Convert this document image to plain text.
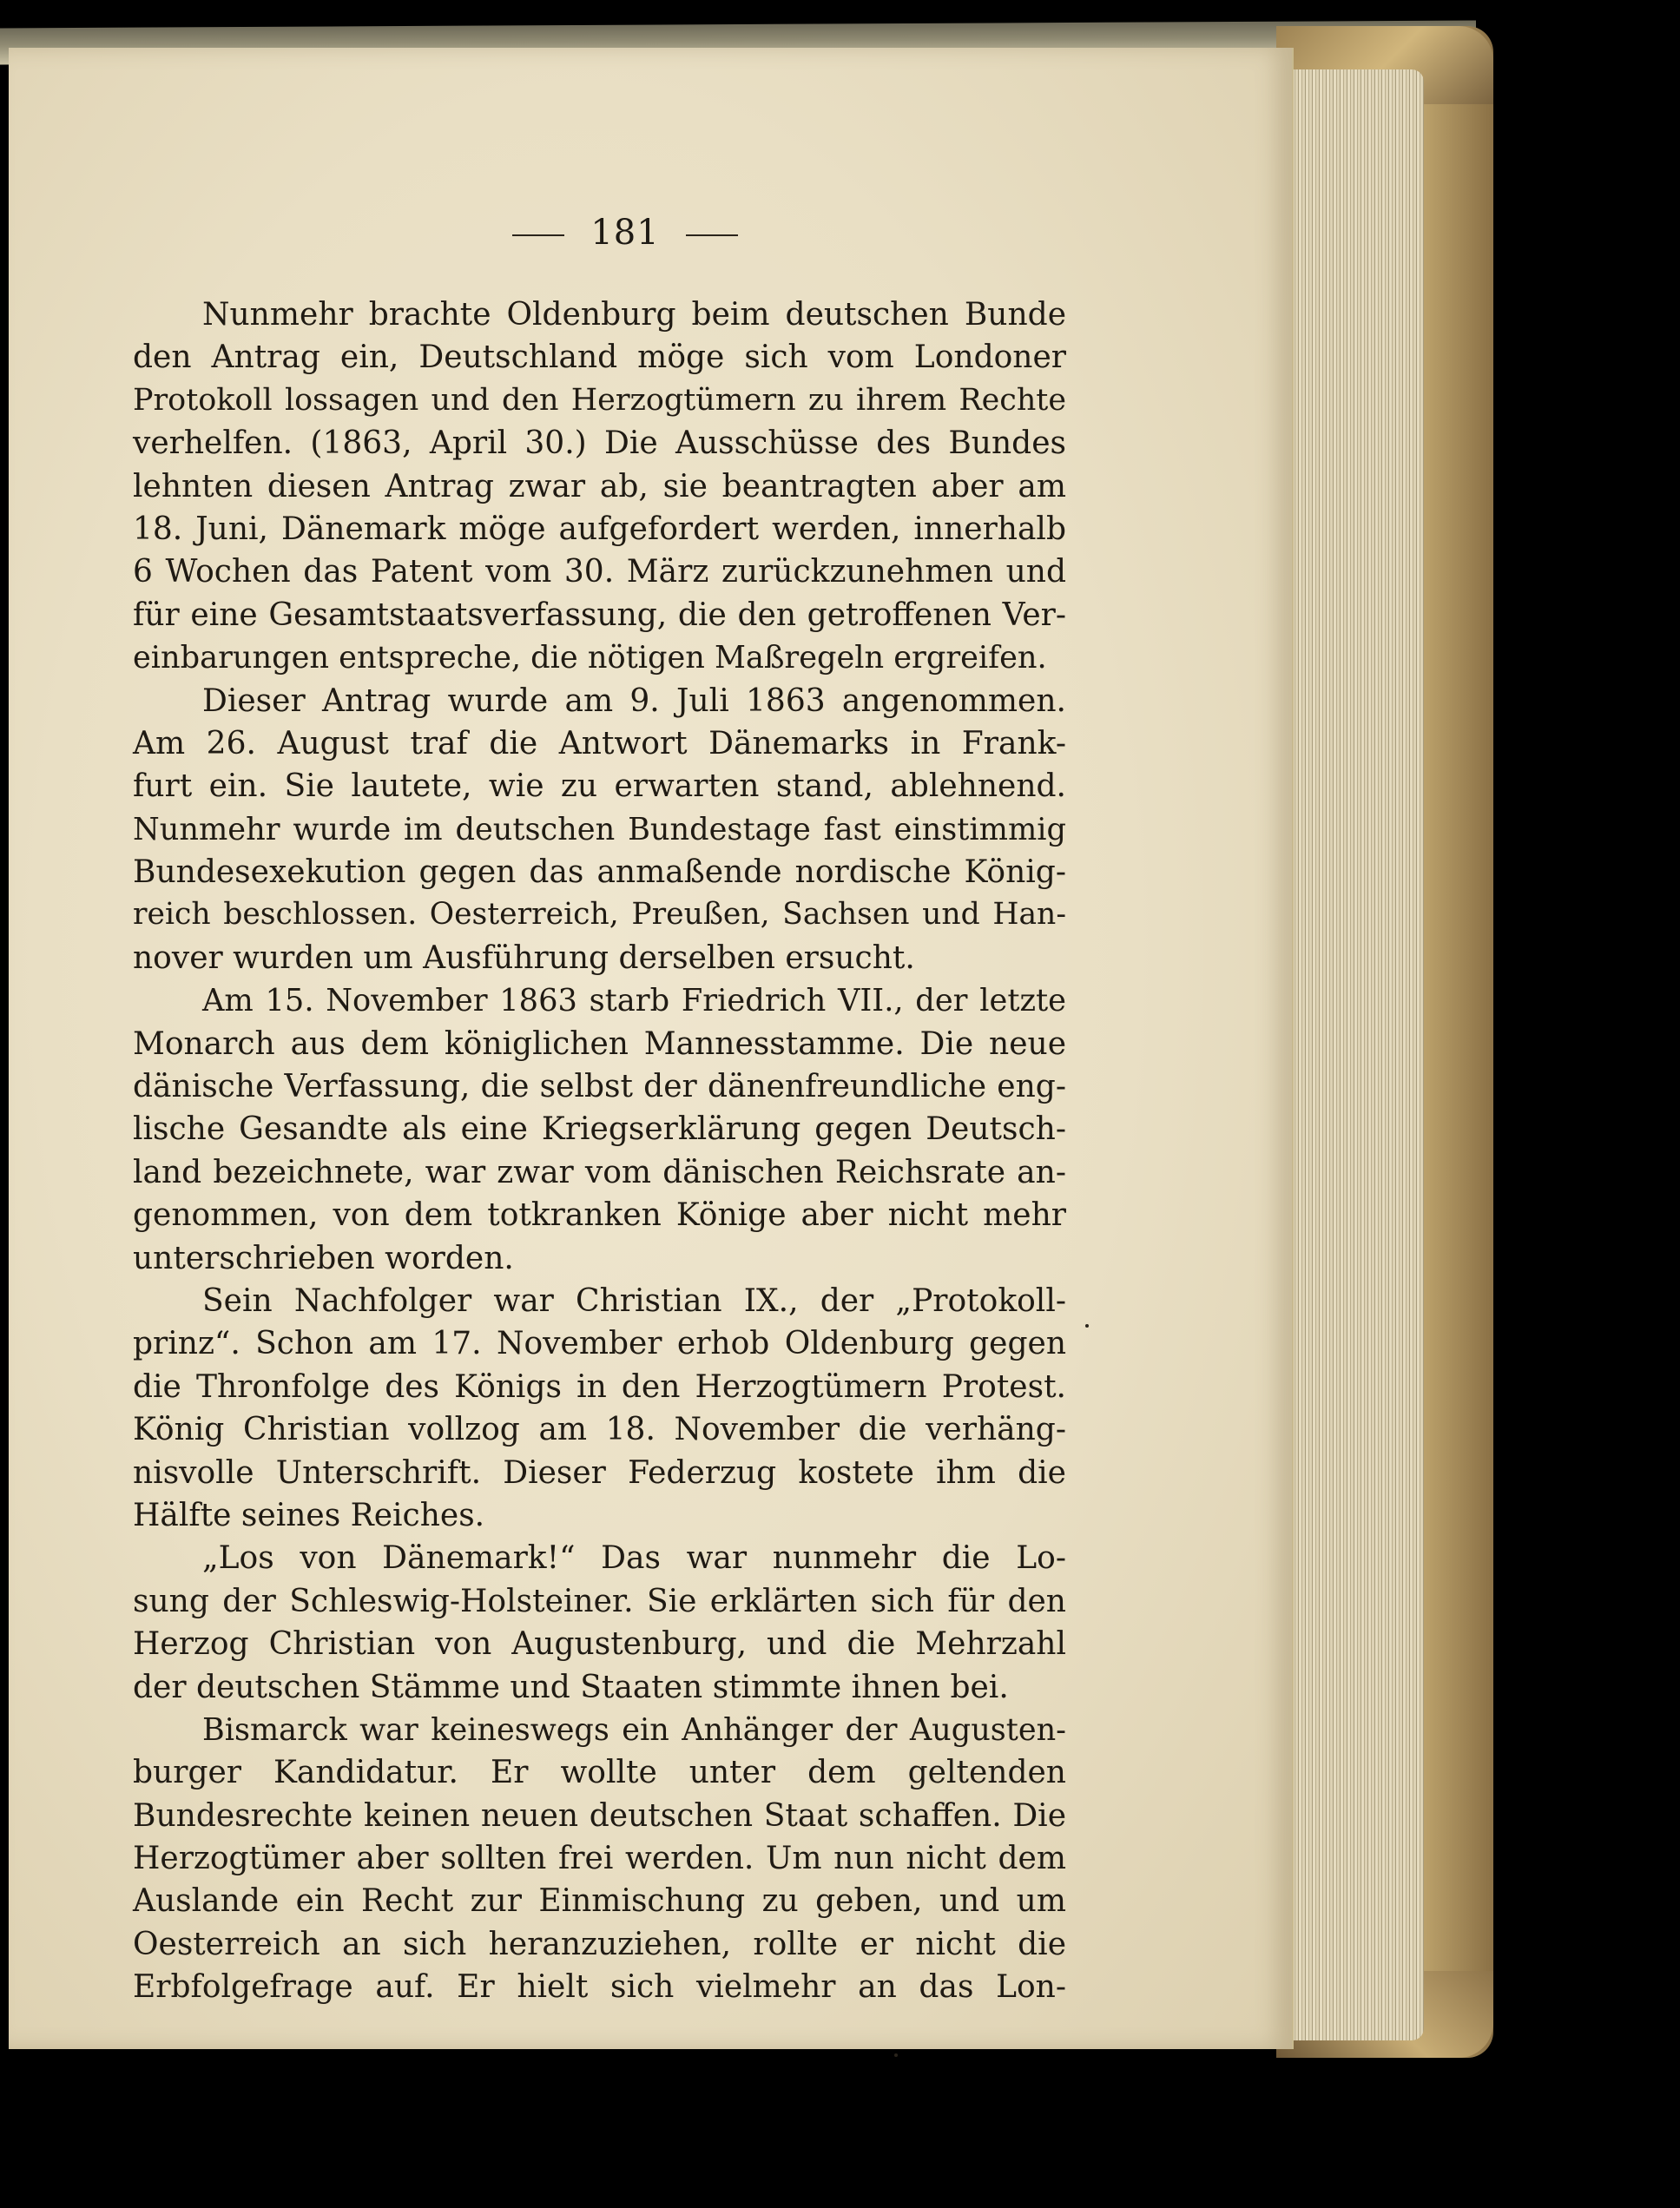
181
Nunmehr brachte Oldenburg beim deutschen Bunde
den Antrag ein, Deutschland möge sich vom Londoner
Protokoll lossagen und den Herzogtümern zu ihrem Rechte
verhelfen. (1863, April 30.) Die Ausschüsse des Bundes
lehnten diesen Antrag zwar ab, sie beantragten aber am
18. Juni, Dänemark möge aufgefordert werden, innerhalb
6 Wochen das Patent vom 30. März zurückzunehmen und
für eine Gesamtstaatsverfassung, die den getroffenen Ver-
einbarungen entspreche, die nötigen Maßregeln ergreifen.
Dieser Antrag wurde am 9. Juli 1863 angenommen.
Am 26. August traf die Antwort Dänemarks in Frank-
furt ein. Sie lautete, wie zu erwarten stand, ablehnend.
Nunmehr wurde im deutschen Bundestage fast einstimmig
Bundesexekution gegen das anmaßende nordische König-
reich beschlossen. Oesterreich, Preußen, Sachsen und Han-
nover wurden um Ausführung derselben ersucht.
Am 15. November 1863 starb Friedrich VII., der letzte
Monarch aus dem königlichen Mannesstamme. Die neue
dänische Verfassung, die selbst der dänenfreundliche eng-
lische Gesandte als eine Kriegserklärung gegen Deutsch-
land bezeichnete, war zwar vom dänischen Reichsrate an-
genommen, von dem totkranken Könige aber nicht mehr
unterschrieben worden.
Sein Nachfolger war Christian IX., der „Protokoll-
prinz“. Schon am 17. November erhob Oldenburg gegen
die Thronfolge des Königs in den Herzogtümern Protest.
König Christian vollzog am 18. November die verhäng-
nisvolle Unterschrift. Dieser Federzug kostete ihm die
Hälfte seines Reiches.
„Los von Dänemark!“ Das war nunmehr die Lo-
sung der Schleswig-Holsteiner. Sie erklärten sich für den
Herzog Christian von Augustenburg, und die Mehrzahl
der deutschen Stämme und Staaten stimmte ihnen bei.
Bismarck war keineswegs ein Anhänger der Augusten-
burger Kandidatur. Er wollte unter dem geltenden
Bundesrechte keinen neuen deutschen Staat schaffen. Die
Herzogtümer aber sollten frei werden. Um nun nicht dem
Auslande ein Recht zur Einmischung zu geben, und um
Oesterreich an sich heranzuziehen, rollte er nicht die
Erbfolgefrage auf. Er hielt sich vielmehr an das Lon-
